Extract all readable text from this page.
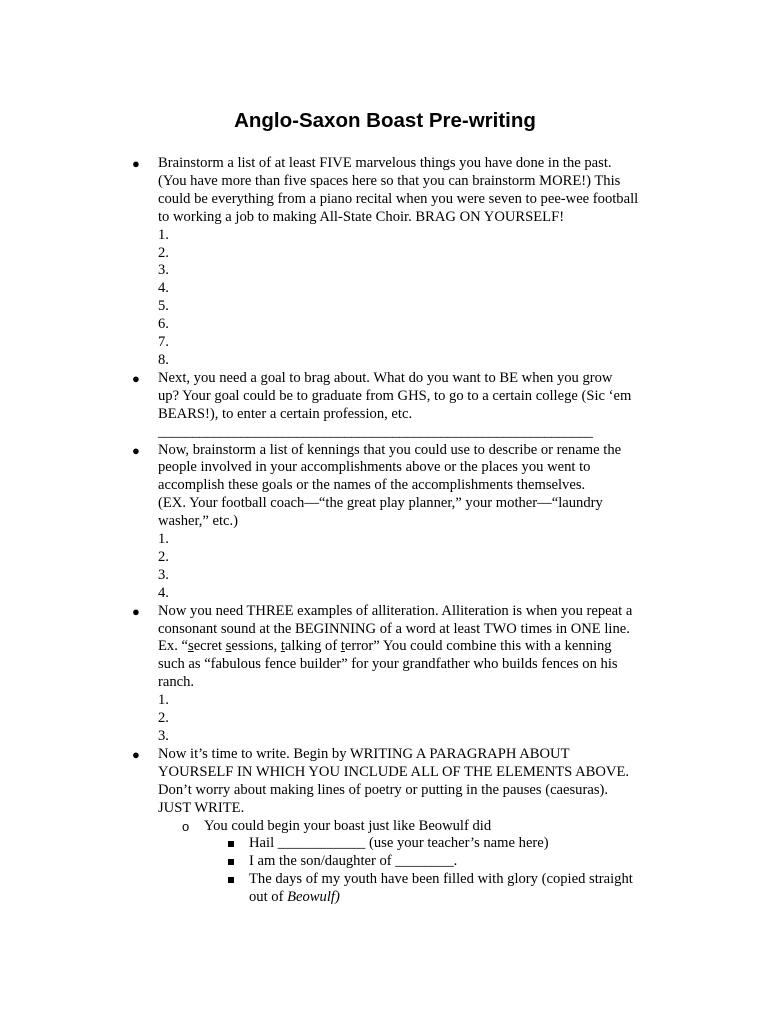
Anglo-Saxon Boast Pre-writing
● Brainstorm a list of at least FIVE marvelous things you have done in the past.
(You have more than five spaces here so that you can brainstorm MORE!) This
could be everything from a piano recital when you were seven to pee-wee football
to working a job to making All-State Choir. BRAG ON YOURSELF!
1.
2.
3.
4.
5.
6.
7.
8.
● Next, you need a goal to brag about. What do you want to BE when you grow
up? Your goal could be to graduate from GHS, to go to a certain college (Sic ‘em
BEARS!), to enter a certain profession, etc.
_______________________________________________________________
● Now, brainstorm a list of kennings that you could use to describe or rename the
people involved in your accomplishments above or the places you went to
accomplish these goals or the names of the accomplishments themselves.
(EX. Your football coach—“the great play planner,” your mother—“laundry
washer,” etc.)
1.
2.
3.
4.
● Now you need THREE examples of alliteration. Alliteration is when you repeat a
consonant sound at the BEGINNING of a word at least TWO times in ONE line.
Ex. “secret sessions, talking of terror” You could combine this with a kenning
such as “fabulous fence builder” for your grandfather who builds fences on his
ranch.
1.
2.
3.
● Now it’s time to write. Begin by WRITING A PARAGRAPH ABOUT
YOURSELF IN WHICH YOU INCLUDE ALL OF THE ELEMENTS ABOVE.
Don’t worry about making lines of poetry or putting in the pauses (caesuras).
JUST WRITE.
o You could begin your boast just like Beowulf did
Hail ____________ (use your teacher’s name here)
I am the son/daughter of ________.
The days of my youth have been filled with glory (copied straight
out of Beowulf)
